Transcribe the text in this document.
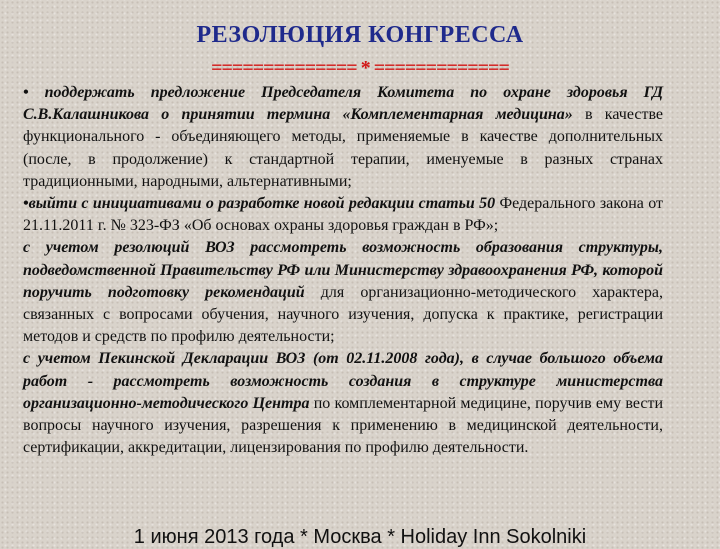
РЕЗОЛЮЦИЯ КОНГРЕССА
============== * =============

• поддержать предложение Председателя Комитета по охране здоровья ГД С.В.Калашникова о принятии термина «Комплементарная медицина» в качестве функционального - объединяющего методы, применяемые в качестве дополнительных (после, в продолжение) к стандартной терапии, именуемые в разных странах традиционными, народными, альтернативными;

•выйти с инициативами о разработке новой редакции статьи 50 Федерального закона от 21.11.2011 г. № 323-ФЗ «Об основах охраны здоровья граждан в РФ»;

с учетом резолюций ВОЗ рассмотреть возможность образования структуры, подведомственной Правительству РФ или Министерству здравоохранения РФ, которой поручить подготовку рекомендаций для организационно-методического характера, связанных с вопросами обучения, научного изучения, допуска к практике, регистрации методов и средств по профилю деятельности;

с учетом Пекинской Декларации ВОЗ (от 02.11.2008 года), в случае большого объема работ - рассмотреть возможность создания в структуре министерства организационно-методического Центра по комплементарной медицине, поручив ему вести вопросы научного изучения, разрешения к применению в медицинской деятельности, сертификации, аккредитации, лицензирования по профилю деятельности.

1 июня 2013 года * Москва * Holiday Inn Sokolniki
